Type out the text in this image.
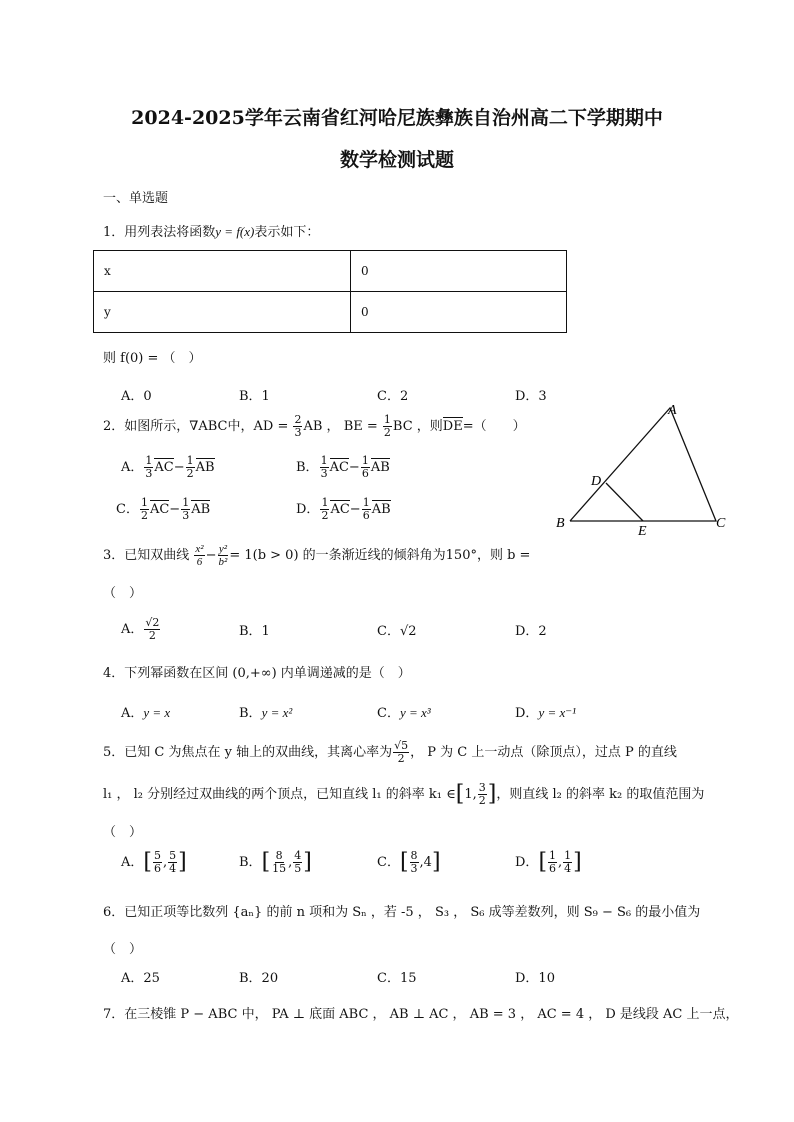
2024-2025学年云南省红河哈尼族彝族自治州高二下学期期中
数学检测试题
一、单选题
1．用列表法将函数y = f(x)表示如下：
x	0
y	0
则 f(0) = （　）
A．0	B．1	C．2	D．3
2．如图所示，∇ABC中，AD = $\frac{2}{3}$ AB ， BE = $\frac{1}{2}$ BC ，则DE=（　　）
A． $\frac{1}{3} AC- \frac{1}{2}$ AB	B． $\frac{1}{3} AC- \frac{1}{6}$ AB
C． $\frac{1}{2} AC- \frac{1}{3}$ AB	D． $\frac{1}{2} AC- \frac{1}{6}$ AB
A
B	C
D
E
3．已知双曲线 $\frac{\text{x²}}{6} - \frac{\text{y²}}{\text{b²}} = 1(b > 0)$ 的一条渐近线的倾斜角为150°，则 b =
（　）
A． $\frac{√2}{2}$	B．1	C．√2	D．2
4．下列幂函数在区间 (0,+∞) 内单调递减的是（　）
A．y = x	B．y = x²	C．y = x³	D．y = x⁻¹
5．已知 C 为焦点在 y 轴上的双曲线，其离心率为 $\frac{√5}{2}$ ， P 为 C 上一动点（除顶点），过点 P 的直线
l₁ ， l₂ 分别经过双曲线的两个顶点，已知直线 l₁ 的斜率 k₁ ∈[1, $\frac{3}{2}$ ]，则直线 l₂ 的斜率 k₂ 的取值范围为
（　）
A．[ $\frac{5}{6}$ , $\frac{5}{4}$ ]	B．[ $\frac{8}{15}$ , $\frac{4}{5}$ ]	C．[ $\frac{8}{3} ,4$]	D．[ $\frac{1}{6}$ , $\frac{1}{4}$ ]
6．已知正项等比数列 {aₙ} 的前 n 项和为 Sₙ ，若 -5 ， S₃ ， S₆ 成等差数列，则 S₉ − S₆ 的最小值为
（　）
A．25	B．20	C．15	D．10
7．在三棱锥 P − ABC 中， PA ⊥ 底面 ABC ， AB ⊥ AC ， AB = 3 ， AC = 4 ， D 是线段 AC 上一点，
